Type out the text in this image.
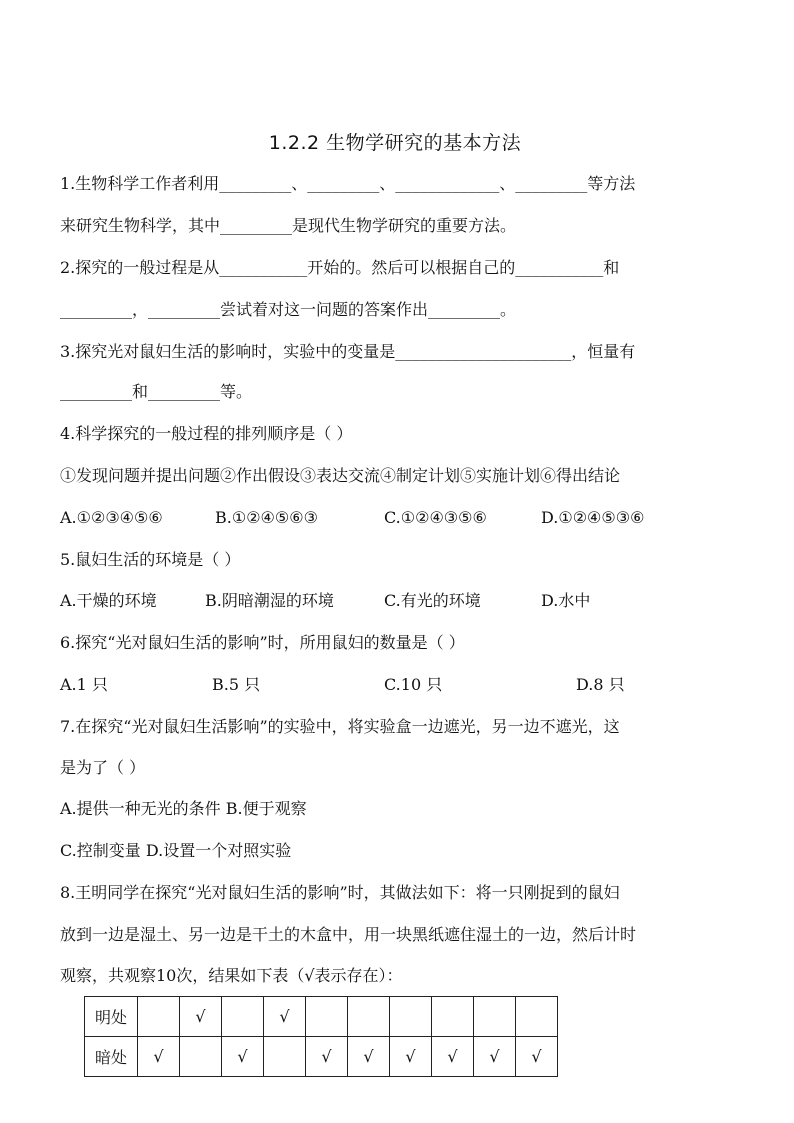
1.2.2 生物学研究的基本方法
1.生物科学工作者利用_________、_________、_____________、_________等方法
来研究生物科学，其中_________是现代生物学研究的重要方法。
2.探究的一般过程是从___________开始的。然后可以根据自己的___________和
_________，_________尝试着对这一问题的答案作出_________。
3.探究光对鼠妇生活的影响时，实验中的变量是______________________，恒量有
_________和_________等。
4.科学探究的一般过程的排列顺序是（ ）
①发现问题并提出问题②作出假设③表达交流④制定计划⑤实施计划⑥得出结论
A.①②③④⑤⑥	B.①②④⑤⑥③	C.①②④③⑤⑥	D.①②④⑤③⑥
5.鼠妇生活的环境是（ ）
A.干燥的环境	B.阴暗潮湿的环境	C.有光的环境	D.水中
6.探究“光对鼠妇生活的影响”时，所用鼠妇的数量是（ ）
A.1 只	B.5 只	C.10 只	D.8 只
7.在探究“光对鼠妇生活影响”的实验中，将实验盒一边遮光，另一边不遮光，这
是为了（ ）
A.提供一种无光的条件 B.便于观察
C.控制变量 D.设置一个对照实验
8.王明同学在探究“光对鼠妇生活的影响”时，其做法如下：将一只刚捉到的鼠妇
放到一边是湿土、另一边是干土的木盒中，用一块黑纸遮住湿土的一边，然后计时
观察，共观察10次，结果如下表（√表示存在）：
明处		√		√						
暗处	√		√		√	√	√	√	√	√
